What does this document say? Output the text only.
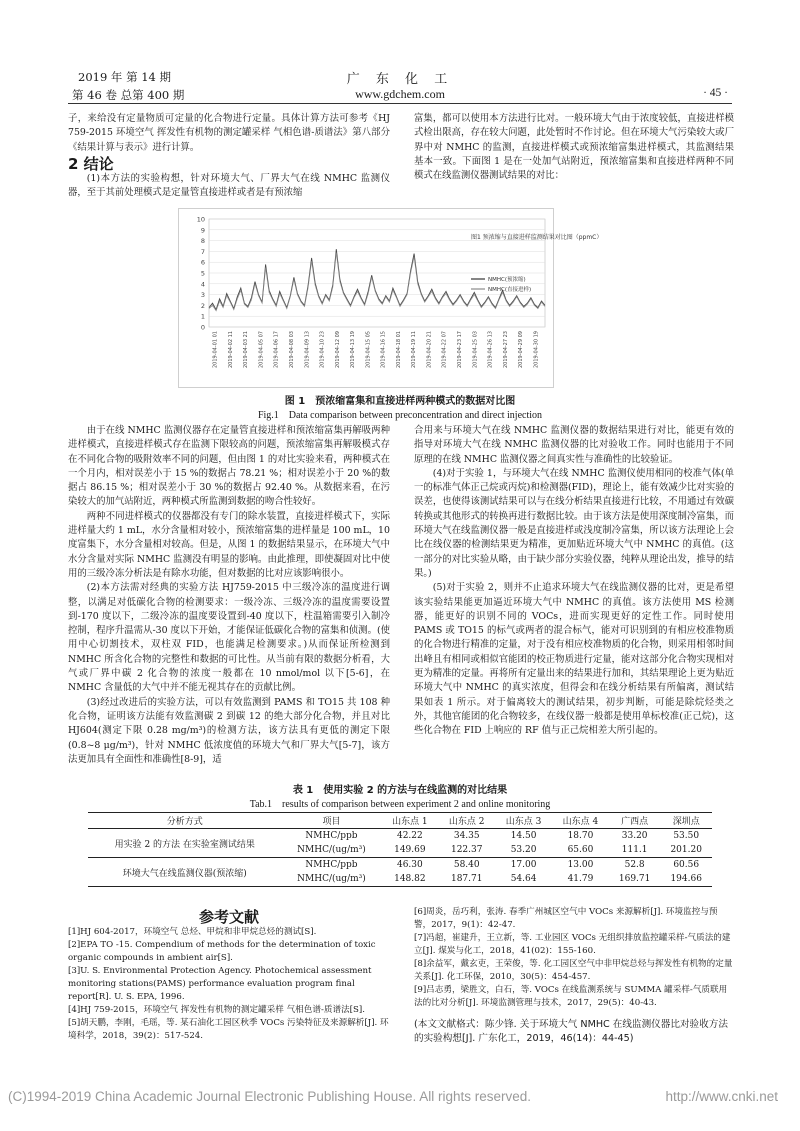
2019 年 第 14 期	广 东 化 工
第 46 卷 总第 400 期	www.gdchem.com	· 45 ·

子，来给没有定量物质可定量的化合物进行定量。具体计算方法可参考《HJ 759-2015 环境空气 挥发性有机物的测定罐采样 气相色谱-质谱法》第八部分《结果计算与表示》进行计算。

2 结论

(1)本方法的实验构想，针对环境大气、厂界大气在线 NMHC 监测仪器，至于其前处理模式是定量管直接进样或者是有预浓缩

富集，都可以使用本方法进行比对。一般环境大气由于浓度较低，直接进样模式检出限高，存在较大问题，此处暂时不作讨论。但在环境大气污染较大或厂界中对 NMHC 的监测，直接进样模式或预浓缩富集进样模式，其监测结果基本一致。下面图 1 是在一处加气站附近，预浓缩富集和直接进样两种不同模式在线监测仪器测试结果的对比：

0
1
2
3
4
5
6
7
8
9
10
2019-04-01 01 2019-04-02 11 2019-04-03 21 2019-04-05 07 2019-04-06 17 2019-04-08 03 2019-04-09 13 2019-04-10 23 2019-04-12 09 2019-04-13 19 2019-04-15 05 2019-04-16 15 2019-04-18 01 2019-04-19 11 2019-04-20 21 2019-04-22 07 2019-04-23 17 2019-04-25 03 2019-04-26 13 2019-04-27 23 2019-04-29 09 2019-04-30 19
图1 预浓缩与直接进样监测结果对比图（ppmC）
NMHC(预浓缩)
NMHC(直接进样)
图 1　预浓缩富集和直接进样两种模式的数据对比图
Fig.1　Data comparison between preconcentration and direct injection

由于在线 NMHC 监测仪器存在定量管直接进样和预浓缩富集再解吸两种进样模式，直接进样模式存在监测下限较高的问题，预浓缩富集再解吸模式存在不同化合物的吸附效率不同的问题，但由图 1 的对比实验来看，两种模式在一个月内，相对误差小于 15 %的数据占 78.21 %；相对误差小于 20 %的数据占 86.15 %；相对误差小于 30 %的数据占 92.40 %。从数据来看，在污染较大的加气站附近，两种模式所监测到数据的吻合性较好。

两种不同进样模式的仪器都没有专门的除水装置，直接进样模式下，实际进样量大约 1 mL，水分含量相对较小，预浓缩富集的进样量是 100 mL，10 度富集下，水分含量相对较高。但是，从图 1 的数据结果显示，在环境大气中水分含量对实际 NMHC 监测没有明显的影响。由此推理，即使凝固对比中使用的三级冷冻分析法是有除水功能，但对数据的比对应该影响很小。

(2)本方法需对经典的实验方法 HJ759-2015 中三级冷冻的温度进行调整，以满足对低碳化合物的检测要求：一级冷冻、三级冷冻的温度需要设置到-170 度以下，二级冷冻的温度要设置到-40 度以下，柱温箱需要引入制冷控制，程序升温需从-30 度以下开始，才能保证低碳化合物的富集和侦测。(使用中心切割技术，双柱双 FID，也能满足检测要求。)从而保证所检测到 NMHC 所含化合物的完整性和数据的可比性。从当前有限的数据分析看，大气或厂界中碳 2 化合物的浓度一般都在 10 nmol/mol 以下[5-6]，在 NMHC 含量低的大气中并不能无视其存在的贡献比例。

(3)经过改进后的实验方法，可以有效监测到 PAMS 和 TO15 共 108 种化合物，证明该方法能有效监测碳 2 到碳 12 的绝大部分化合物，并且对比 HJ604(测定下限 0.28 mg/m³)的检测方法，该方法具有更低的测定下限(0.8~8 μg/m³)，针对 NMHC 低浓度值的环境大气和厂界大气[5-7]，该方法更加具有全面性和准确性[8-9]，适

合用来与环境大气在线 NMHC 监测仪器的数据结果进行对比，能更有效的指导对环境大气在线 NMHC 监测仪器的比对验收工作。同时也能用于不同原理的在线 NMHC 监测仪器之间真实性与准确性的比较验证。

(4)对于实验 1，与环境大气在线 NMHC 监测仪使用相同的校准气体(单一的标准气体正己烷或丙烷)和检测器(FID)，理论上，能有效减少比对实验的误差，也使得该测试结果可以与在线分析结果直接进行比较，不用通过有效碳转换或其他形式的转换再进行数据比较。由于该方法是使用深度制冷富集，而环境大气在线监测仪器一般是直接进样或浅度制冷富集，所以该方法理论上会比在线仪器的检测结果更为精准，更加贴近环境大气中 NMHC 的真值。(这一部分的对比实验从略，由于缺少部分实验仪器，纯粹从理论出发，推导的结果。)

(5)对于实验 2，则并不止追求环境大气在线监测仪器的比对，更是希望该实验结果能更加逼近环境大气中 NMHC 的真值。该方法使用 MS 检测器，能更好的识别不同的 VOCs，进而实现更好的定性工作。同时使用 PAMS 或 TO15 的标气或两者的混合标气，能对可识别到的有相应校准物质的化合物进行精准的定量，对于没有相应校准物质的化合物，则采用相邻时间出峰且有相同或相似官能团的校正物质进行定量，能对这部分化合物实现相对更为精准的定量。再将所有定量出来的结果进行加和，其结果理论上更为贴近环境大气中 NMHC 的真实浓度，但得会和在线分析结果有所偏离，测试结果如表 1 所示。对于偏离较大的测试结果，初步判断，可能是除烷烃类之外，其他官能团的化合物较多，在线仪器一般都是使用单标校准(正己烷)，这些化合物在 FID 上响应的 RF 值与正己烷相差大所引起的。

表 1　使用实验 2 的方法与在线监测的对比结果
Tab.1　results of comparison between experiment 2 and online monitoring
分析方式	项目	山东点 1	山东点 2	山东点 3	山东点 4	广西点	深圳点
用实验 2 的方法 在实验室测试结果	NMHC/ppb	42.22	34.35	14.50	18.70	33.20	53.50
	NMHC/(ug/m³)	149.69	122.37	53.20	65.60	111.1	201.20
环境大气在线监测仪器(预浓缩)	NMHC/ppb	46.30	58.40	17.00	13.00	52.8	60.56
	NMHC/(ug/m³)	148.82	187.71	54.64	41.79	169.71	194.66
参考文献
[1]HJ 604-2017，环境空气 总烃、甲烷和非甲烷总烃的测试[S].
[2]EPA TO -15. Compendium of methods for the determination of toxic organic compounds in ambient air[S].
[3]U. S. Environmental Protection Agency. Photochemical assessment monitoring stations(PAMS) performance evaluation program final report[R]. U. S. EPA, 1996.
[4]HJ 759-2015，环境空气 挥发性有机物的测定罐采样 气相色谱-质谱法[S].
[5]胡天鹏，李刚，毛瑶，等. 某石油化工园区秋季 VOCs 污染特征及来源解析[J]. 环境科学，2018，39(2)：517-524.
[6]周炎，岳巧利，张涛. 春季广州城区空气中 VOCs 来源解析[J]. 环境监控与预警，2017，9(1)：42-47.
[7]冯超，崔建升，王立新，等. 工业园区 VOCs 无组织排放监控罐采样-气质法的建立[J]. 煤炭与化工，2018，41(02)：155-160.
[8]余益军，戴玄吏，王荣俊，等. 化工园区空气中非甲烷总烃与挥发性有机物的定量关系[J]. 化工环保，2010，30(5)：454-457.
[9]吕志勇，梁胜文，白石，等. VOCs 在线监测系统与 SUMMA 罐采样-气质联用法的比对分析[J]. 环境监测管理与技术，2017，29(5)：40-43.
(本文文献格式：陈少锋. 关于环境大气 NMHC 在线监测仪器比对验收方法的实验构想[J]. 广东化工，2019，46(14)：44-45)
(C)1994-2019 China Academic Journal Electronic Publishing House. All rights reserved.	http://www.cnki.net
